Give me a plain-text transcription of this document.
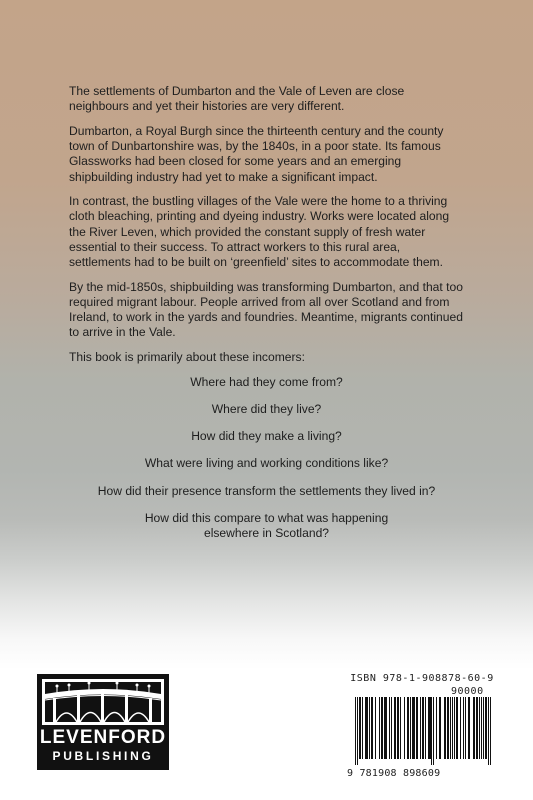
The settlements of Dumbarton and the Vale of Leven are close neighbours and yet their histories are very different.

Dumbarton, a Royal Burgh since the thirteenth century and the county town of Dunbartonshire was, by the 1840s, in a poor state. Its famous Glassworks had been closed for some years and an emerging shipbuilding industry had yet to make a significant impact.

In contrast, the bustling villages of the Vale were the home to a thriving cloth bleaching, printing and dyeing industry. Works were located along the River Leven, which provided the constant supply of fresh water essential to their success. To attract workers to this rural area, settlements had to be built on ‘greenfield’ sites to accommodate them.

By the mid-1850s, shipbuilding was transforming Dumbarton, and that too required migrant labour. People arrived from all over Scotland and from Ireland, to work in the yards and foundries. Meantime, migrants continued to arrive in the Vale.

This book is primarily about these incomers:

Where had they come from?

Where did they live?

How did they make a living?

What were living and working conditions like?

How did their presence transform the settlements they lived in?

How did this compare to what was happening elsewhere in Scotland?

LEVENFORD
PUBLISHING
ISBN 978-1-908878-60-9
90000
9 781908 898609
